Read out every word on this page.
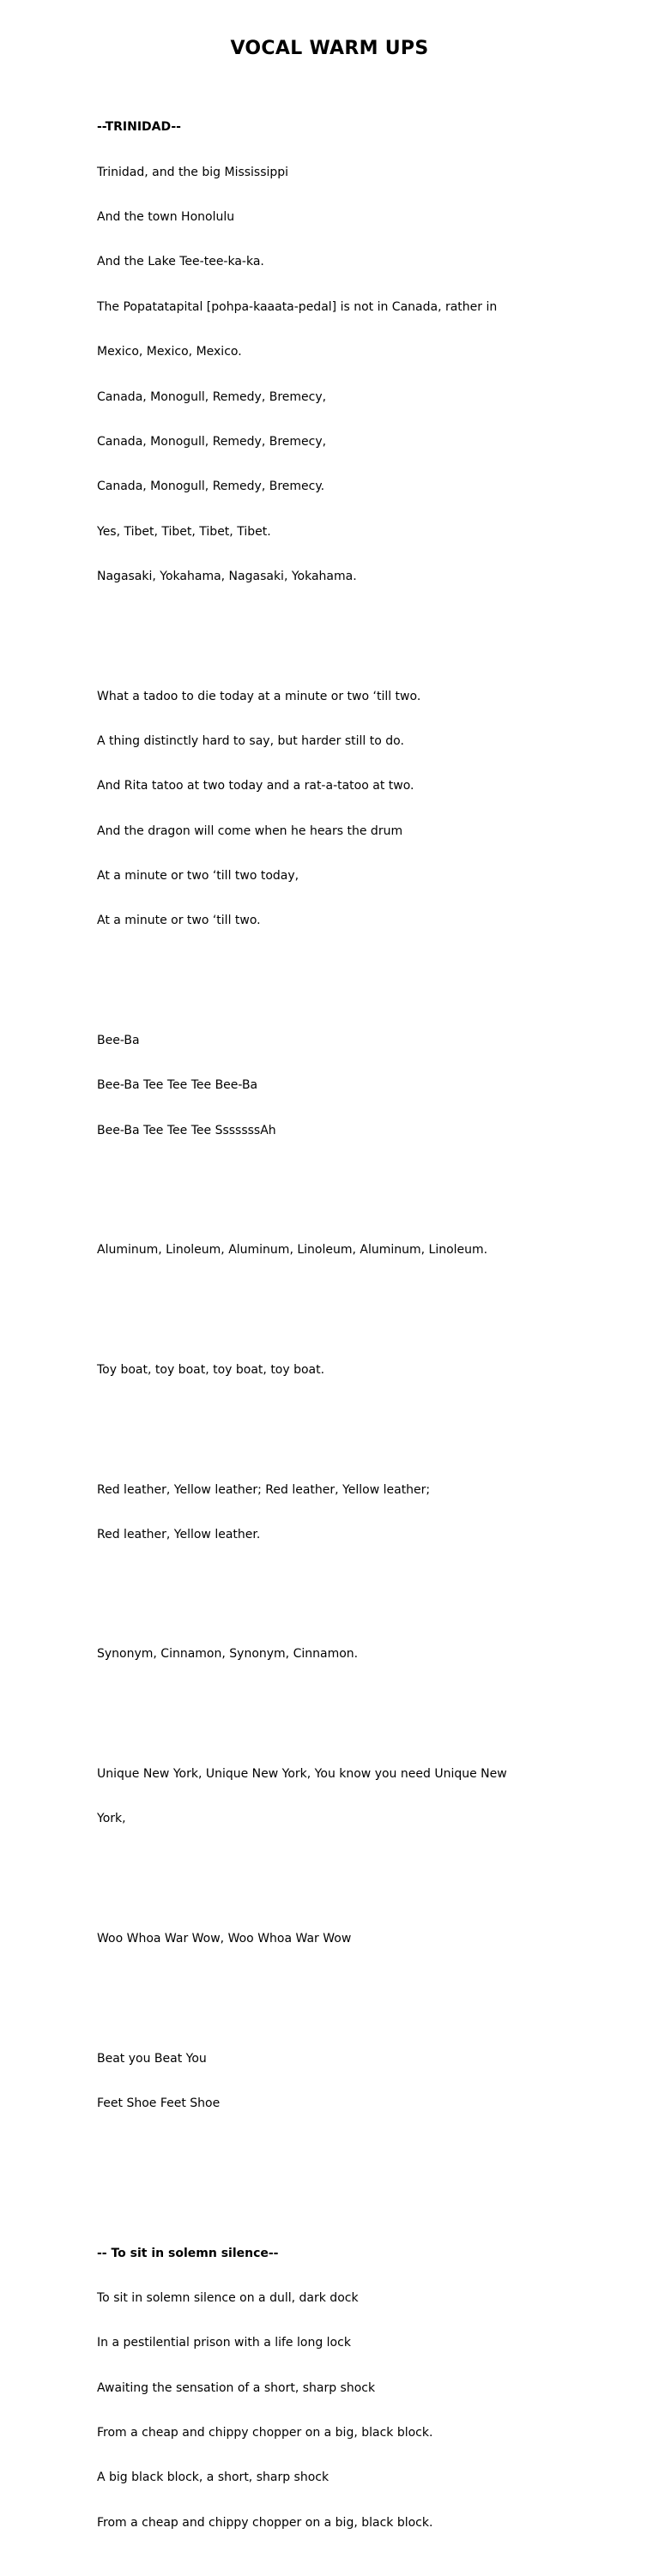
VOCAL WARM UPS

--TRINIDAD--

Trinidad, and the big Mississippi

And the town Honolulu

And the Lake Tee-tee-ka-ka.

The Popatatapital [pohpa-kaaata-pedal] is not in Canada, rather in

Mexico, Mexico, Mexico.

Canada, Monogull, Remedy, Bremecy,

Canada, Monogull, Remedy, Bremecy,

Canada, Monogull, Remedy, Bremecy.

Yes, Tibet, Tibet, Tibet, Tibet.

Nagasaki, Yokahama, Nagasaki, Yokahama.

What a tadoo to die today at a minute or two ‘till two.

A thing distinctly hard to say, but harder still to do.

And Rita tatoo at two today and a rat-a-tatoo at two.

And the dragon will come when he hears the drum

At a minute or two ‘till two today,

At a minute or two ‘till two.

Bee-Ba

Bee-Ba Tee Tee Tee Bee-Ba

Bee-Ba Tee Tee Tee SssssssAh

Aluminum, Linoleum, Aluminum, Linoleum, Aluminum, Linoleum.

Toy boat, toy boat, toy boat, toy boat.

Red leather, Yellow leather; Red leather, Yellow leather;

Red leather, Yellow leather.

Synonym, Cinnamon, Synonym, Cinnamon.

Unique New York, Unique New York, You know you need Unique New

York,

Woo Whoa War Wow, Woo Whoa War Wow

Beat you Beat You

Feet Shoe Feet Shoe

-- To sit in solemn silence--

To sit in solemn silence on a dull, dark dock

In a pestilential prison with a life long lock

Awaiting the sensation of a short, sharp shock

From a cheap and chippy chopper on a big, black block.

A big black block, a short, sharp shock

From a cheap and chippy chopper on a big, black block.
